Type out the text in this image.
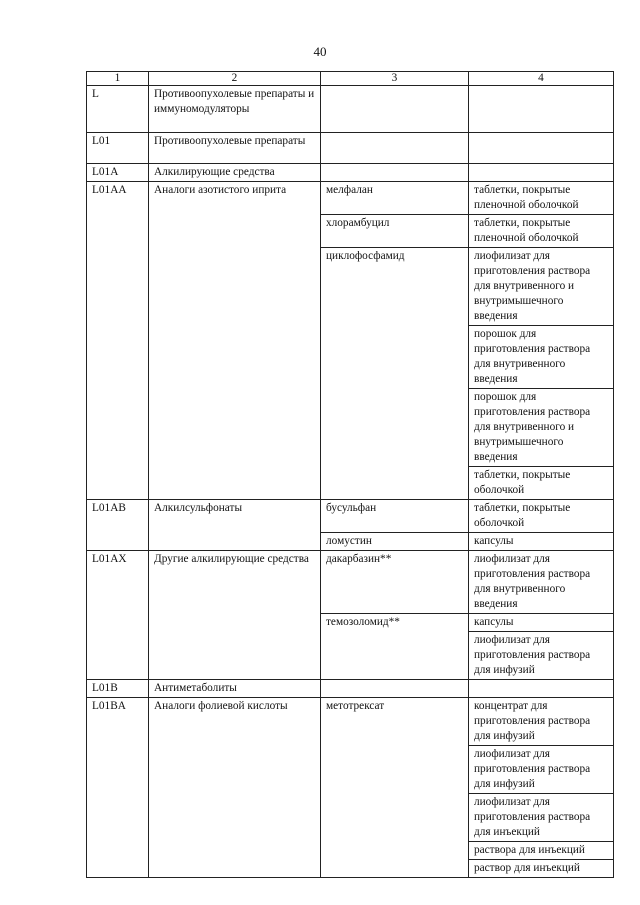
40
1	2	3	4
L	Противоопухолевые препараты и иммуномодуляторы		
L01	Противоопухолевые препараты		
L01A	Алкилирующие средства		
L01AA	Аналоги азотистого иприта	мелфалан	таблетки, покрытые пленочной оболочкой
		хлорамбуцил	таблетки, покрытые пленочной оболочкой
		циклофосфамид	лиофилизат для приготовления раствора для внутривенного и внутримышечного введения
			порошок для приготовления раствора для внутривенного введения
			порошок для приготовления раствора для внутривенного и внутримышечного введения
			таблетки, покрытые оболочкой

L01AB	Алкилсульфонаты	бусульфан	таблетки, покрытые оболочкой
		ломустин	капсулы
L01AX	Другие алкилирующие средства	дакарбазин**	лиофилизат для приготовления раствора для внутривенного введения
		темозоломид**	капсулы
			лиофилизат для приготовления раствора для инфузий
L01B	Антиметаболиты		
L01BA	Аналоги фолиевой кислоты	метотрексат	концентрат для приготовления раствора для инфузий
			лиофилизат для приготовления раствора для инфузий
			лиофилизат для приготовления раствора для инъекций
			раствора для инъекций
			раствор для инъекций
